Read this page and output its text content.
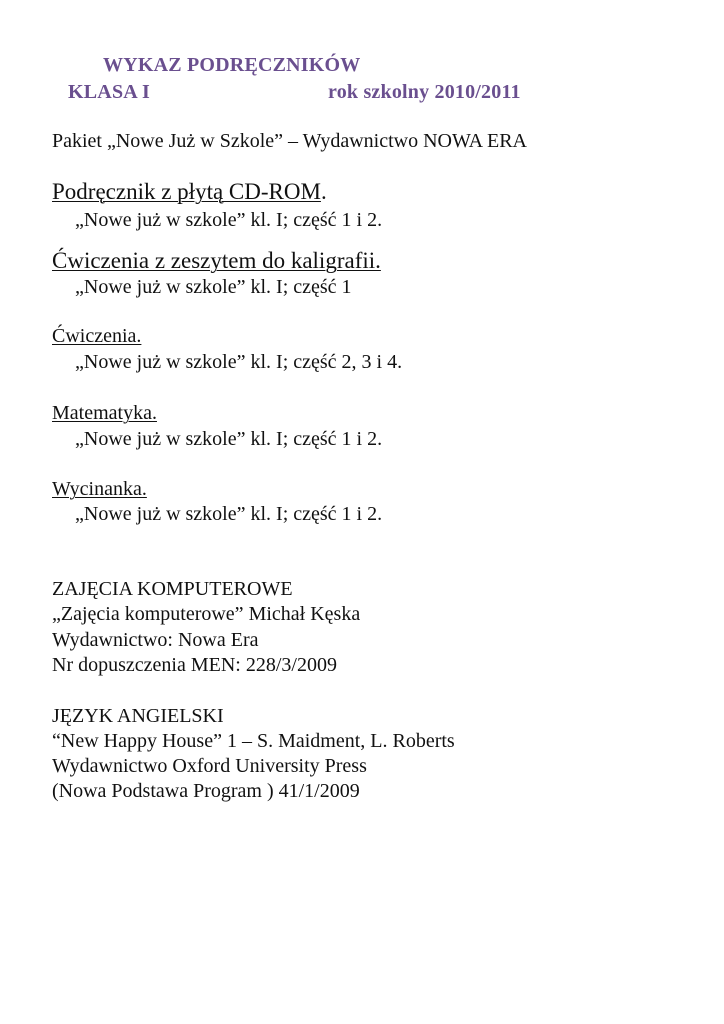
WYKAZ PODRĘCZNIKÓW
KLASA I	rok szkolny 2010/2011
Pakiet „Nowe Już w Szkole” – Wydawnictwo NOWA ERA
Podręcznik z płytą CD-ROM.
„Nowe już w szkole” kl. I; część 1 i 2.
Ćwiczenia z zeszytem do kaligrafii.
„Nowe już w szkole” kl. I; część 1
Ćwiczenia.
„Nowe już w szkole” kl. I; część 2, 3 i 4.
Matematyka.
„Nowe już w szkole” kl. I; część 1 i 2.
Wycinanka.
„Nowe już w szkole” kl. I; część 1 i 2.
ZAJĘCIA KOMPUTEROWE
„Zajęcia komputerowe” Michał Kęska
Wydawnictwo: Nowa Era
Nr dopuszczenia MEN: 228/3/2009
JĘZYK ANGIELSKI
“New Happy House” 1 – S. Maidment, L. Roberts
Wydawnictwo Oxford University Press
(Nowa Podstawa Program ) 41/1/2009
